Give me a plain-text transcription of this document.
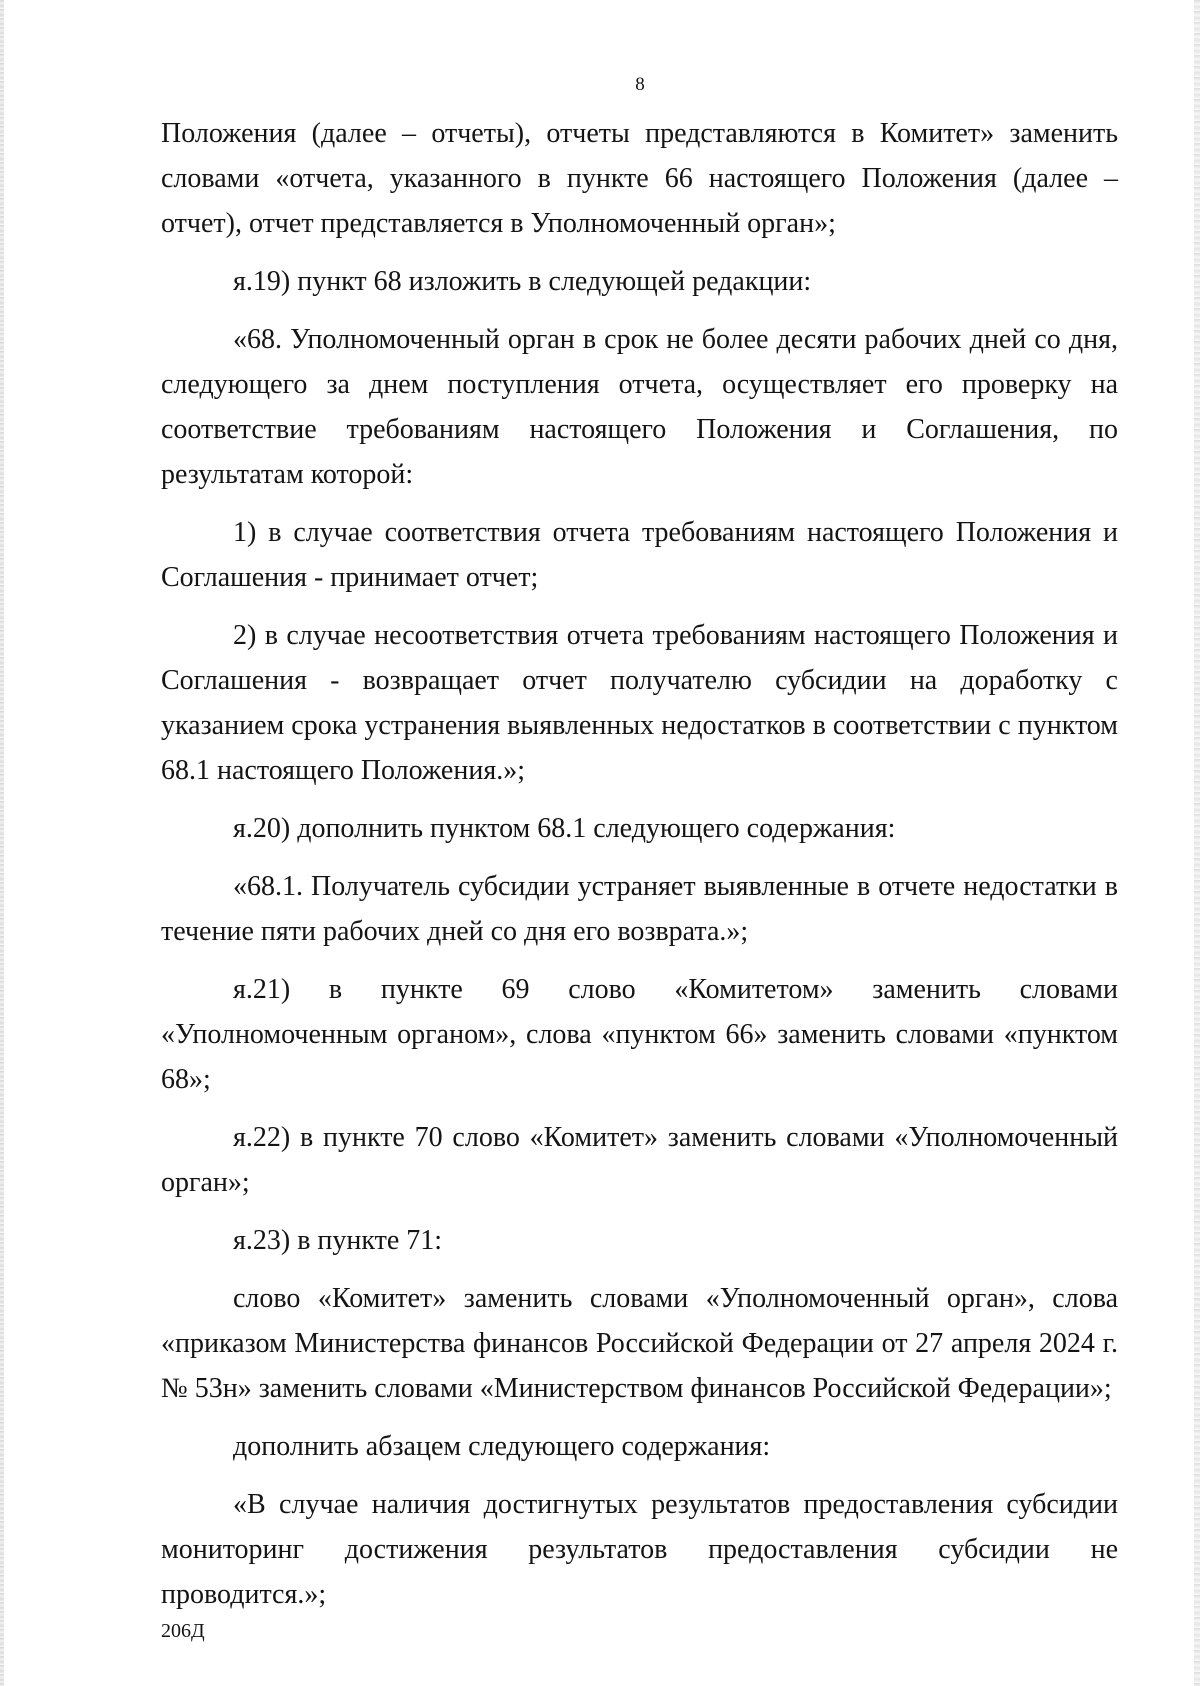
8

Положения (далее – отчеты), отчеты представляются в Комитет» заменить словами «отчета, указанного в пункте 66 настоящего Положения (далее – отчет), отчет представляется в Уполномоченный орган»;

я.19) пункт 68 изложить в следующей редакции:

«68. Уполномоченный орган в срок не более десяти рабочих дней со дня, следующего за днем поступления отчета, осуществляет его проверку на соответствие требованиям настоящего Положения и Соглашения, по результатам которой:

1) в случае соответствия отчета требованиям настоящего Положения и Соглашения - принимает отчет;

2) в случае несоответствия отчета требованиям настоящего Положения и Соглашения - возвращает отчет получателю субсидии на доработку с указанием срока устранения выявленных недостатков в соответствии с пунктом 68.1 настоящего Положения.»;

я.20) дополнить пунктом 68.1 следующего содержания:

«68.1. Получатель субсидии устраняет выявленные в отчете недостатки в течение пяти рабочих дней со дня его возврата.»;

я.21) в пункте 69 слово «Комитетом» заменить словами «Уполномоченным органом», слова «пунктом 66» заменить словами «пунктом 68»;

я.22) в пункте 70 слово «Комитет» заменить словами «Уполномоченный орган»;

я.23) в пункте 71:

слово «Комитет» заменить словами «Уполномоченный орган», слова «приказом Министерства финансов Российской Федерации от 27 апреля 2024 г. № 53н» заменить словами «Министерством финансов Российской Федерации»;

дополнить абзацем следующего содержания:

«В случае наличия достигнутых результатов предоставления субсидии мониторинг достижения результатов предоставления субсидии не проводится.»;

206Д
